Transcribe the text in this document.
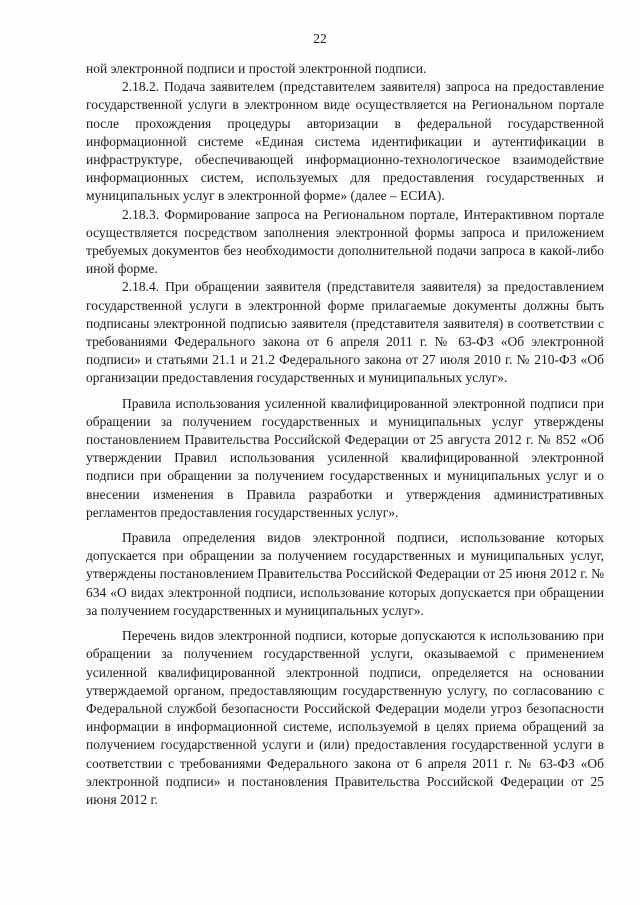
22

ной электронной подписи и простой электронной подписи.

2.18.2. Подача заявителем (представителем заявителя) запроса на предоставление государственной услуги в электронном виде осуществляется на Региональном портале после прохождения процедуры авторизации в федеральной государственной информационной системе «Единая система идентификации и аутентификации в инфраструктуре, обеспечивающей информационно-технологическое взаимодействие информационных систем, используемых для предоставления государственных и муниципальных услуг в электронной форме» (далее – ЕСИА).

2.18.3. Формирование запроса на Региональном портале, Интерактивном портале осуществляется посредством заполнения электронной формы запроса и приложением требуемых документов без необходимости дополнительной подачи запроса в какой-либо иной форме.

2.18.4. При обращении заявителя (представителя заявителя) за предоставлением государственной услуги в электронной форме прилагаемые документы должны быть подписаны электронной подписью заявителя (представителя заявителя) в соответствии с требованиями Федерального закона от 6 апреля 2011 г. № 63-ФЗ «Об электронной подписи» и статьями 21.1 и 21.2 Федерального закона от 27 июля 2010 г. № 210-ФЗ «Об организации предоставления государственных и муниципальных услуг».

Правила использования усиленной квалифицированной электронной подписи при обращении за получением государственных и муниципальных услуг утверждены постановлением Правительства Российской Федерации от 25 августа 2012 г. № 852 «Об утверждении Правил использования усиленной квалифицированной электронной подписи при обращении за получением государственных и муниципальных услуг и о внесении изменения в Правила разработки и утверждения административных регламентов предоставления государственных услуг».

Правила определения видов электронной подписи, использование которых допускается при обращении за получением государственных и муниципальных услуг, утверждены постановлением Правительства Российской Федерации от 25 июня 2012 г. № 634 «О видах электронной подписи, использование которых допускается при обращении за получением государственных и муниципальных услуг».

Перечень видов электронной подписи, которые допускаются к использованию при обращении за получением государственной услуги, оказываемой с применением усиленной квалифицированной электронной подписи, определяется на основании утверждаемой органом, предоставляющим государственную услугу, по согласованию с Федеральной службой безопасности Российской Федерации модели угроз безопасности информации в информационной системе, используемой в целях приема обращений за получением государственной услуги и (или) предоставления государственной услуги в соответствии с требованиями Федерального закона от 6 апреля 2011 г. № 63-ФЗ «Об электронной подписи» и постановления Правительства Российской Федерации от 25 июня 2012 г.
